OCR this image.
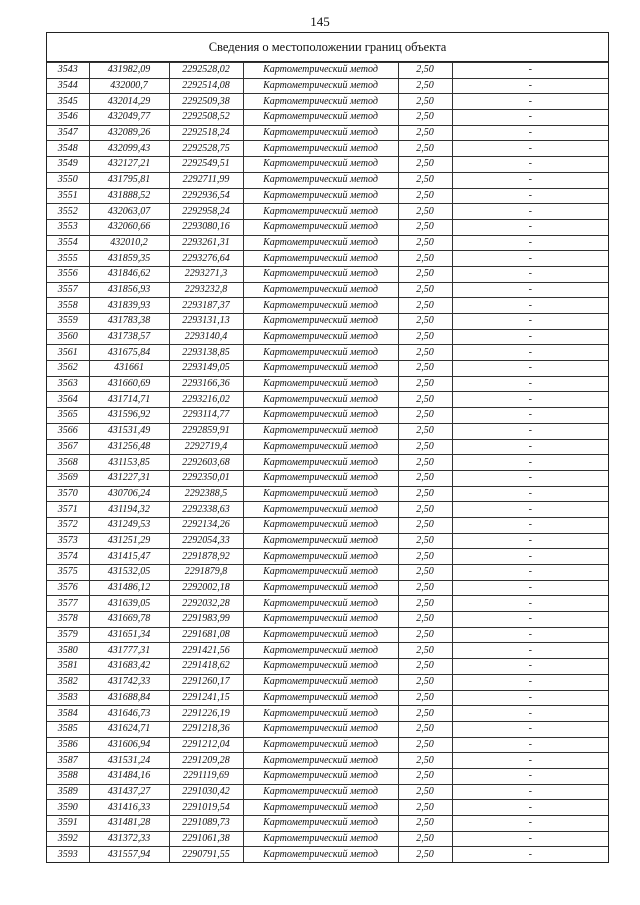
145
Сведения о местоположении границ объекта
3543	431982,09	2292528,02	Картометрический метод	2,50	-
3544	432000,7	2292514,08	Картометрический метод	2,50	-
3545	432014,29	2292509,38	Картометрический метод	2,50	-
3546	432049,77	2292508,52	Картометрический метод	2,50	-
3547	432089,26	2292518,24	Картометрический метод	2,50	-
3548	432099,43	2292528,75	Картометрический метод	2,50	-
3549	432127,21	2292549,51	Картометрический метод	2,50	-
3550	431795,81	2292711,99	Картометрический метод	2,50	-
3551	431888,52	2292936,54	Картометрический метод	2,50	-
3552	432063,07	2292958,24	Картометрический метод	2,50	-
3553	432060,66	2293080,16	Картометрический метод	2,50	-
3554	432010,2	2293261,31	Картометрический метод	2,50	-
3555	431859,35	2293276,64	Картометрический метод	2,50	-
3556	431846,62	2293271,3	Картометрический метод	2,50	-
3557	431856,93	2293232,8	Картометрический метод	2,50	-
3558	431839,93	2293187,37	Картометрический метод	2,50	-
3559	431783,38	2293131,13	Картометрический метод	2,50	-
3560	431738,57	2293140,4	Картометрический метод	2,50	-
3561	431675,84	2293138,85	Картометрический метод	2,50	-
3562	431661	2293149,05	Картометрический метод	2,50	-
3563	431660,69	2293166,36	Картометрический метод	2,50	-
3564	431714,71	2293216,02	Картометрический метод	2,50	-
3565	431596,92	2293114,77	Картометрический метод	2,50	-
3566	431531,49	2292859,91	Картометрический метод	2,50	-
3567	431256,48	2292719,4	Картометрический метод	2,50	-
3568	431153,85	2292603,68	Картометрический метод	2,50	-
3569	431227,31	2292350,01	Картометрический метод	2,50	-
3570	430706,24	2292388,5	Картометрический метод	2,50	-
3571	431194,32	2292338,63	Картометрический метод	2,50	-
3572	431249,53	2292134,26	Картометрический метод	2,50	-
3573	431251,29	2292054,33	Картометрический метод	2,50	-
3574	431415,47	2291878,92	Картометрический метод	2,50	-
3575	431532,05	2291879,8	Картометрический метод	2,50	-
3576	431486,12	2292002,18	Картометрический метод	2,50	-
3577	431639,05	2292032,28	Картометрический метод	2,50	-
3578	431669,78	2291983,99	Картометрический метод	2,50	-
3579	431651,34	2291681,08	Картометрический метод	2,50	-
3580	431777,31	2291421,56	Картометрический метод	2,50	-
3581	431683,42	2291418,62	Картометрический метод	2,50	-
3582	431742,33	2291260,17	Картометрический метод	2,50	-
3583	431688,84	2291241,15	Картометрический метод	2,50	-
3584	431646,73	2291226,19	Картометрический метод	2,50	-
3585	431624,71	2291218,36	Картометрический метод	2,50	-
3586	431606,94	2291212,04	Картометрический метод	2,50	-
3587	431531,24	2291209,28	Картометрический метод	2,50	-
3588	431484,16	2291119,69	Картометрический метод	2,50	-
3589	431437,27	2291030,42	Картометрический метод	2,50	-
3590	431416,33	2291019,54	Картометрический метод	2,50	-
3591	431481,28	2291089,73	Картометрический метод	2,50	-
3592	431372,33	2291061,38	Картометрический метод	2,50	-
3593	431557,94	2290791,55	Картометрический метод	2,50	-
